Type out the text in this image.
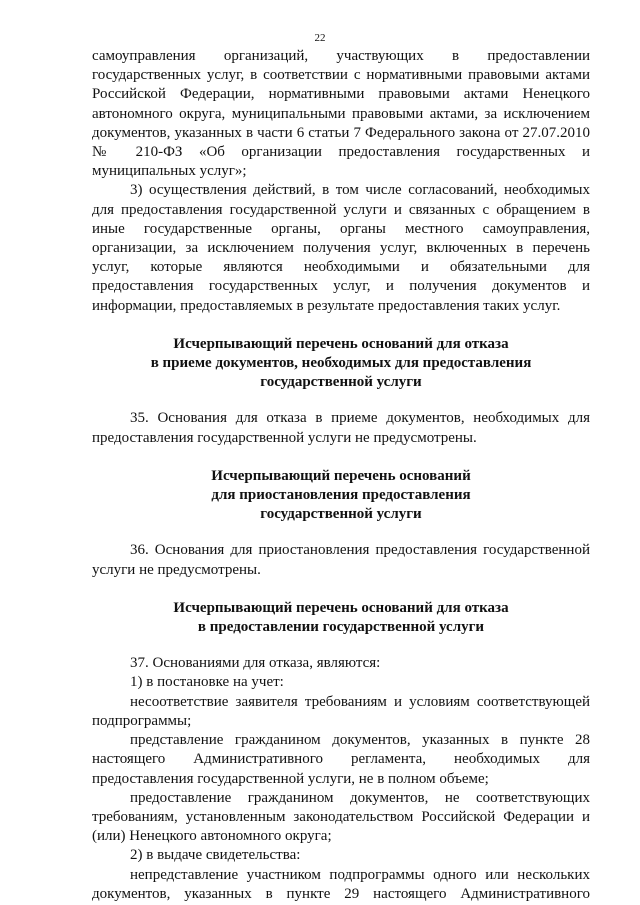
22

самоуправления организаций, участвующих в предоставлении государственных услуг, в соответствии с нормативными правовыми актами Российской Федерации, нормативными правовыми актами Ненецкого автономного округа, муниципальными правовыми актами, за исключением документов, указанных в части 6 статьи 7 Федерального закона от 27.07.2010 № 210-ФЗ «Об организации предоставления государственных и муниципальных услуг»;

3) осуществления действий, в том числе согласований, необходимых для предоставления государственной услуги и связанных с обращением в иные государственные органы, органы местного самоуправления, организации, за исключением получения услуг, включенных в перечень услуг, которые являются необходимыми и обязательными для предоставления государственных услуг, и получения документов и информации, предоставляемых в результате предоставления таких услуг.

Исчерпывающий перечень оснований для отказа
в приеме документов, необходимых для предоставления
государственной услуги

35. Основания для отказа в приеме документов, необходимых для предоставления государственной услуги не предусмотрены.

Исчерпывающий перечень оснований
для приостановления предоставления
государственной услуги

36. Основания для приостановления предоставления государственной услуги не предусмотрены.

Исчерпывающий перечень оснований для отказа
в предоставлении государственной услуги

37. Основаниями для отказа, являются:

1) в постановке на учет:

несоответствие заявителя требованиям и условиям соответствующей подпрограммы;

представление гражданином документов, указанных в пункте 28 настоящего Административного регламента, необходимых для предоставления государственной услуги, не в полном объеме;

предоставление гражданином документов, не соответствующих требованиям, установленным законодательством Российской Федерации и (или) Ненецкого автономного округа;

2) в выдаче свидетельства:

непредставление участником подпрограммы одного или нескольких документов, указанных в пункте 29 настоящего Административного
